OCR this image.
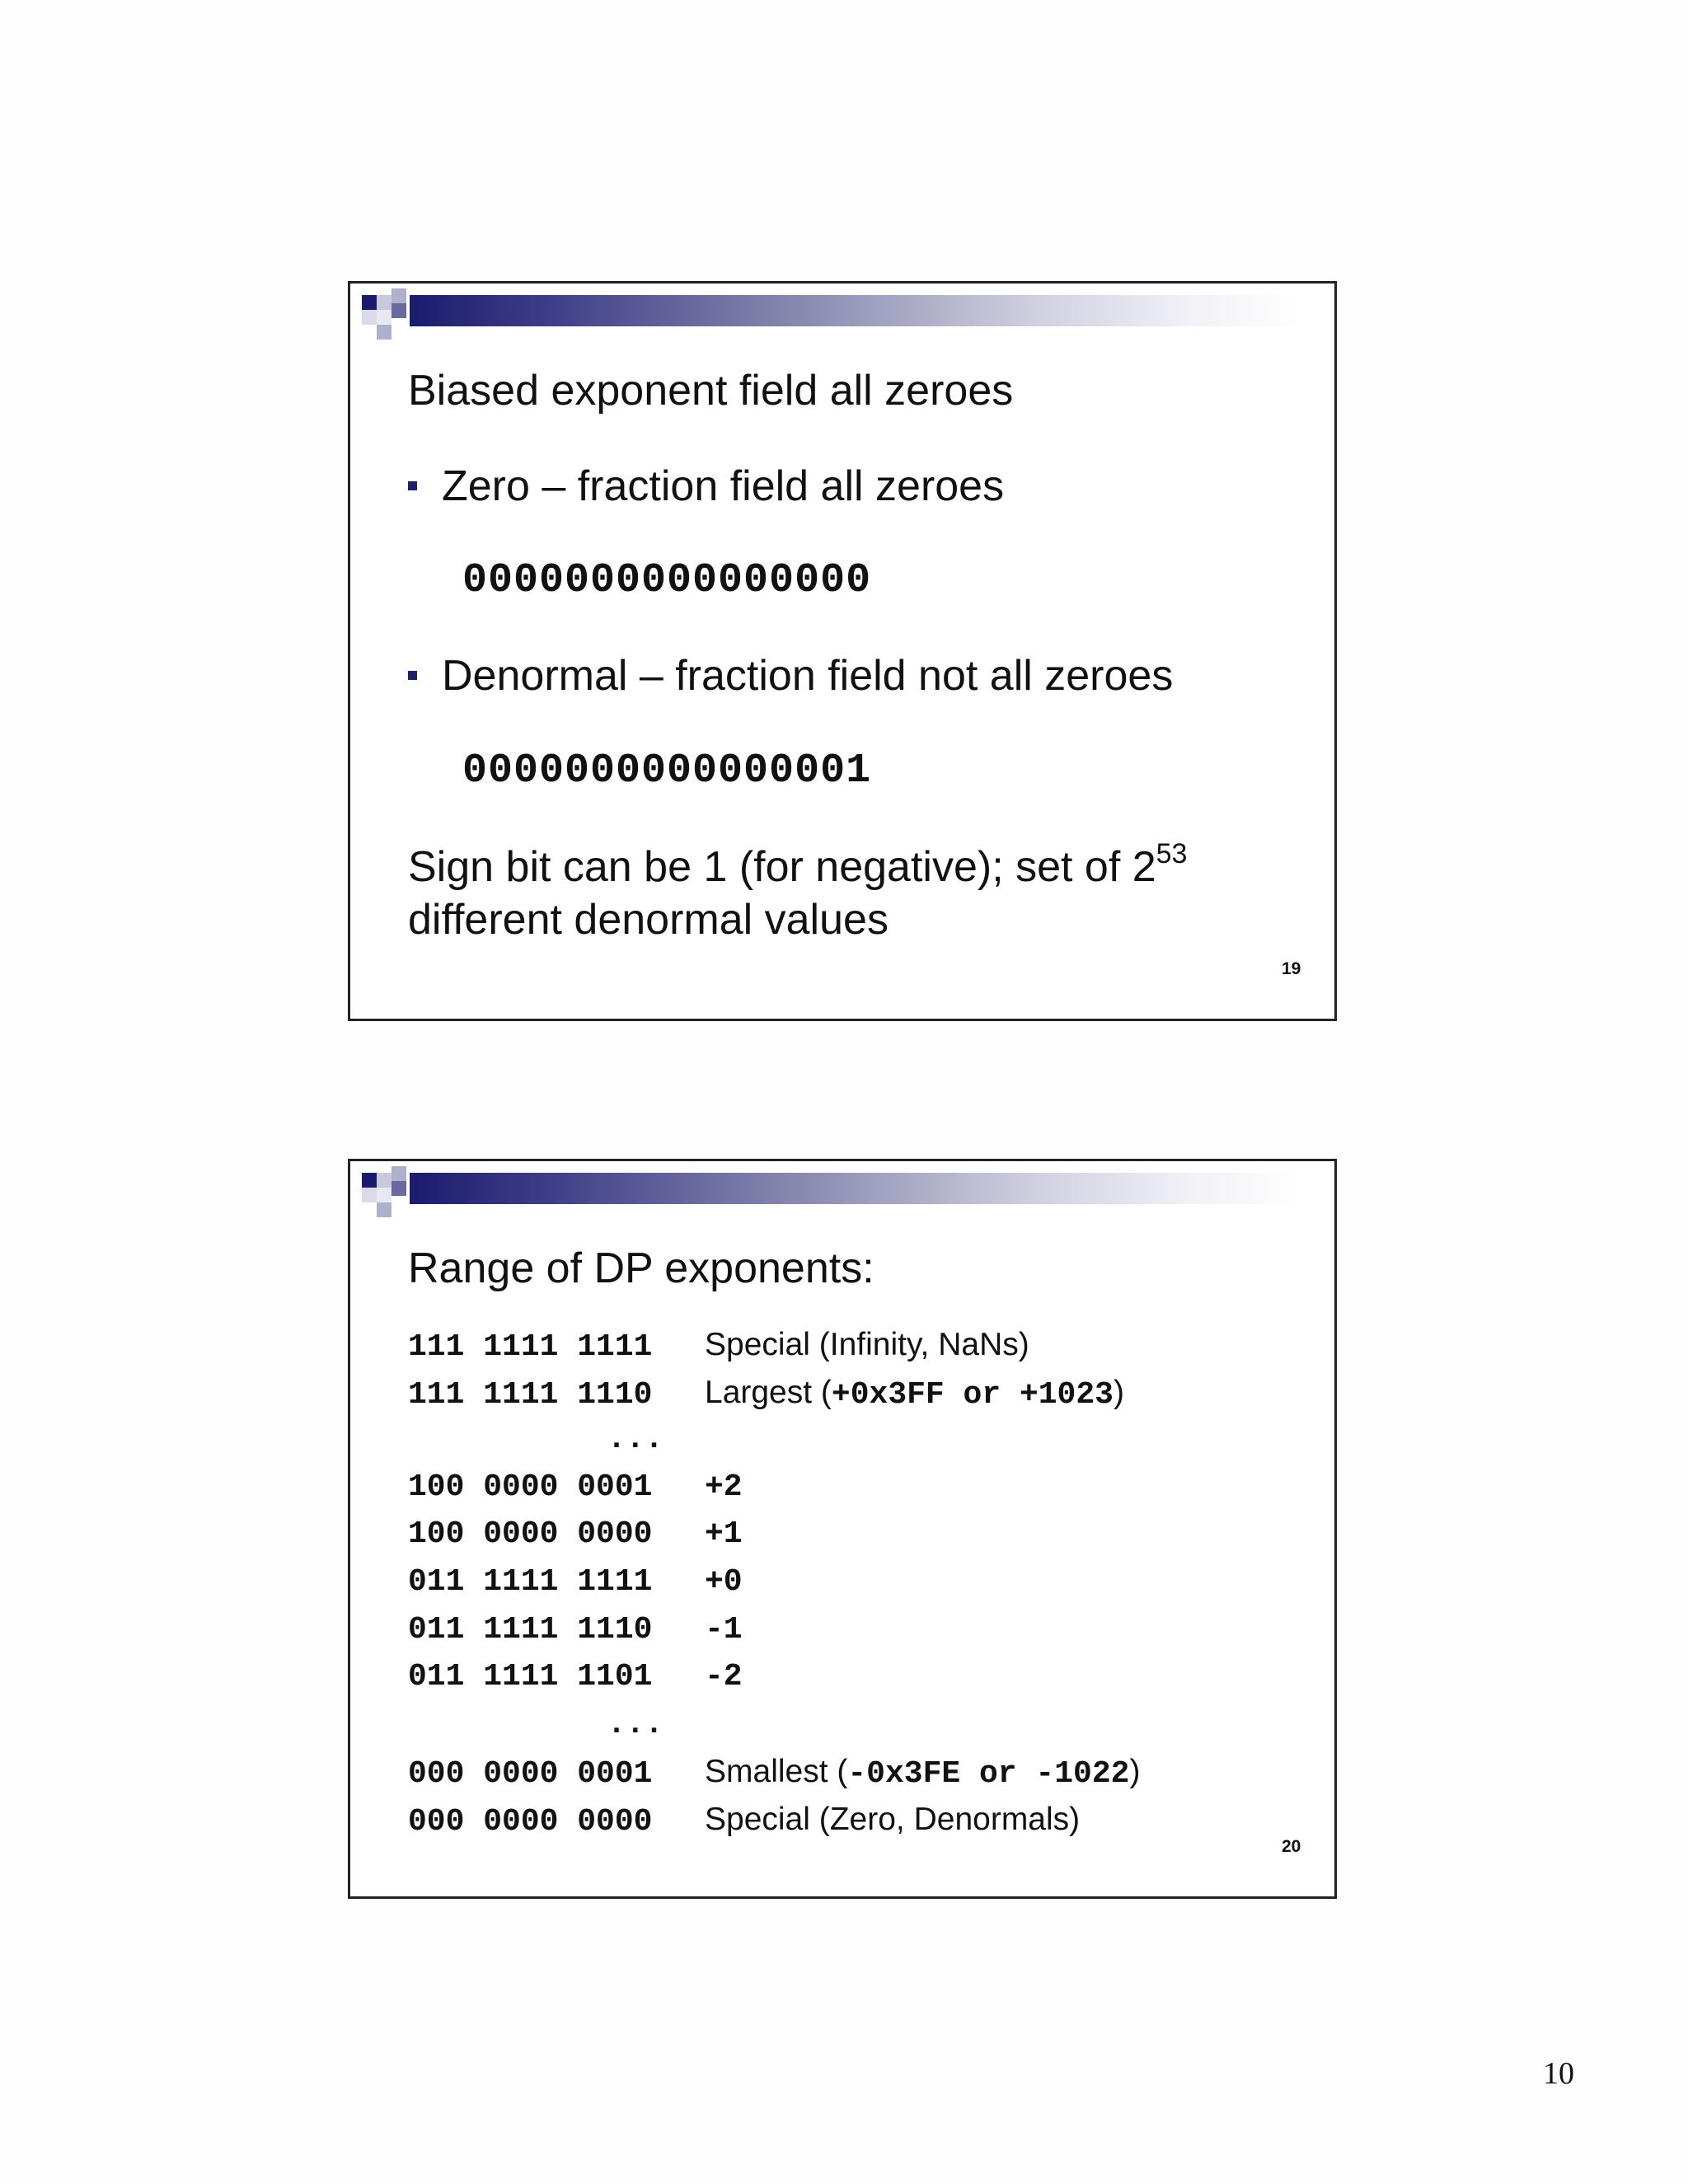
Biased exponent field all zeroes
Zero – fraction field all zeroes
0000000000000000
Denormal – fraction field not all zeroes
0000000000000001
Sign bit can be 1 (for negative); set of $2^{53}$
different denormal values
19
Range of DP exponents:
111 1111 1111 Special (Infinity, NaNs)
111 1111 1110 Largest (+0x3FF or +1023)
...
100 0000 0001 +2
100 0000 0000 +1
011 1111 1111 +0
011 1111 1110 -1
011 1111 1101 -2
...
000 0000 0001 Smallest (-0x3FE or -1022)
000 0000 0000 Special (Zero, Denormals)
20
10
